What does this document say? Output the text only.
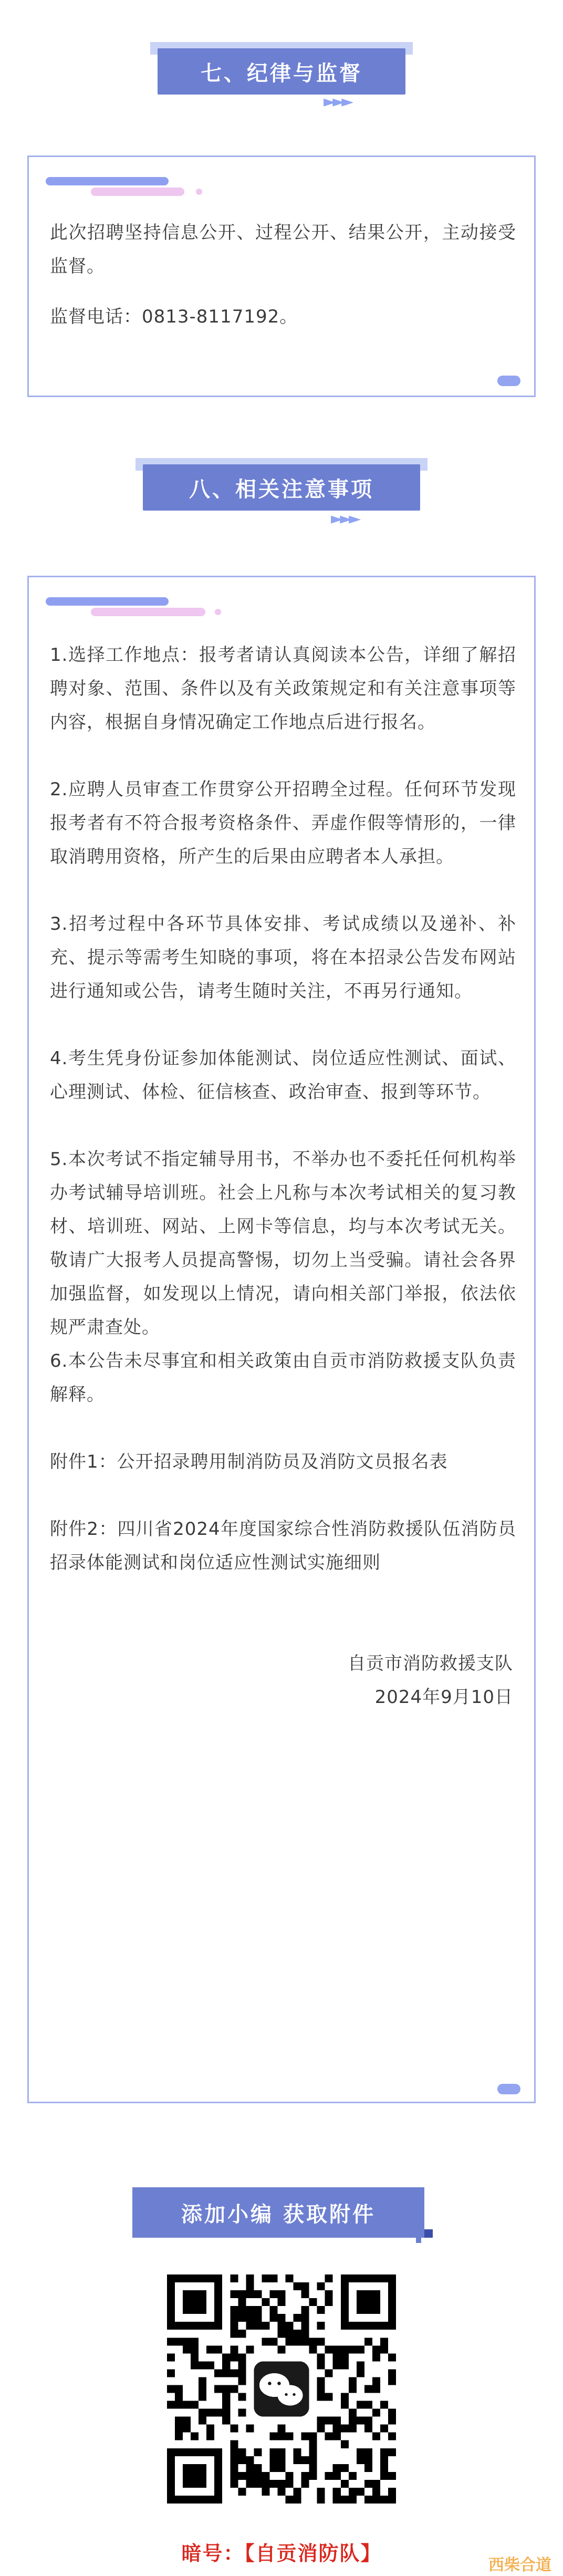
七、纪律与监督
►►►

此次招聘坚持信息公开、过程公开、结果公开，主动接受监督。

监督电话：0813-8117192。

八、相关注意事项
►►►

1.选择工作地点：报考者请认真阅读本公告，详细了解招聘对象、范围、条件以及有关政策规定和有关注意事项等内容，根据自身情况确定工作地点后进行报名。

2.应聘人员审查工作贯穿公开招聘全过程。任何环节发现报考者有不符合报考资格条件、弄虚作假等情形的，一律取消聘用资格，所产生的后果由应聘者本人承担。

3.招考过程中各环节具体安排、考试成绩以及递补、补充、提示等需考生知晓的事项，将在本招录公告发布网站进行通知或公告，请考生随时关注，不再另行通知。

4.考生凭身份证参加体能测试、岗位适应性测试、面试、心理测试、体检、征信核查、政治审查、报到等环节。

5.本次考试不指定辅导用书，不举办也不委托任何机构举办考试辅导培训班。社会上凡称与本次考试相关的复习教材、培训班、网站、上网卡等信息，均与本次考试无关。敬请广大报考人员提高警惕，切勿上当受骗。请社会各界加强监督，如发现以上情况，请向相关部门举报，依法依规严肃查处。

6.本公告未尽事宜和相关政策由自贡市消防救援支队负责解释。

附件1：公开招录聘用制消防员及消防文员报名表

附件2：四川省2024年度国家综合性消防救援队伍消防员招录体能测试和岗位适应性测试实施细则

自贡市消防救援支队
2024年9月10日
添加小编 获取附件
暗号：【自贡消防队】
西柴合道
